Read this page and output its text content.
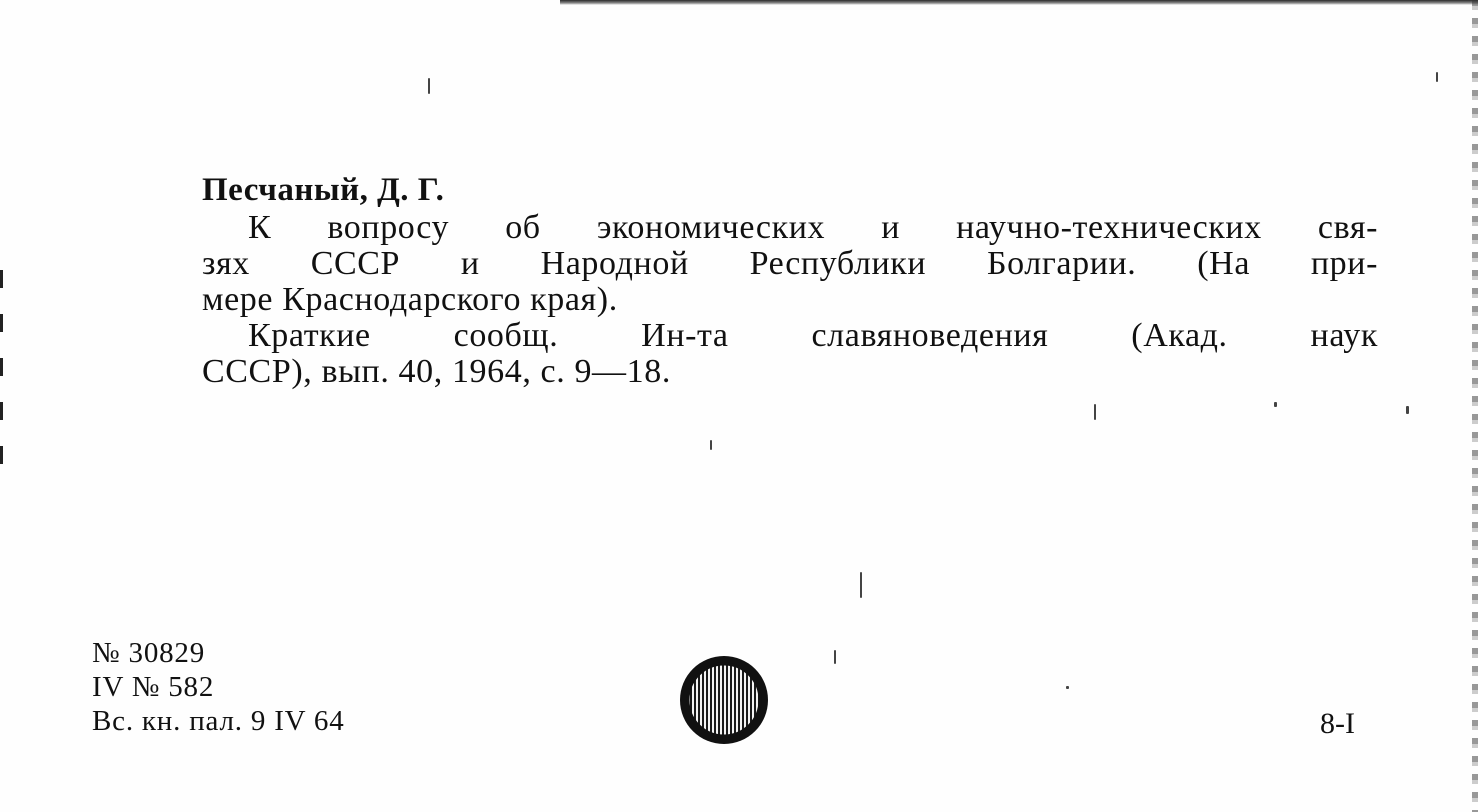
Песчаный, Д. Г.
К вопросу об экономических и научно-технических свя-
зях СССР и Народной Республики Болгарии. (На при-
мере Краснодарского края).
Краткие сообщ. Ин-та славяноведения (Акад. наук
СССР), вып. 40, 1964, с. 9—18.
№ 30829
IV № 582
Вс. кн. пал. 9 IV 64	8-I
